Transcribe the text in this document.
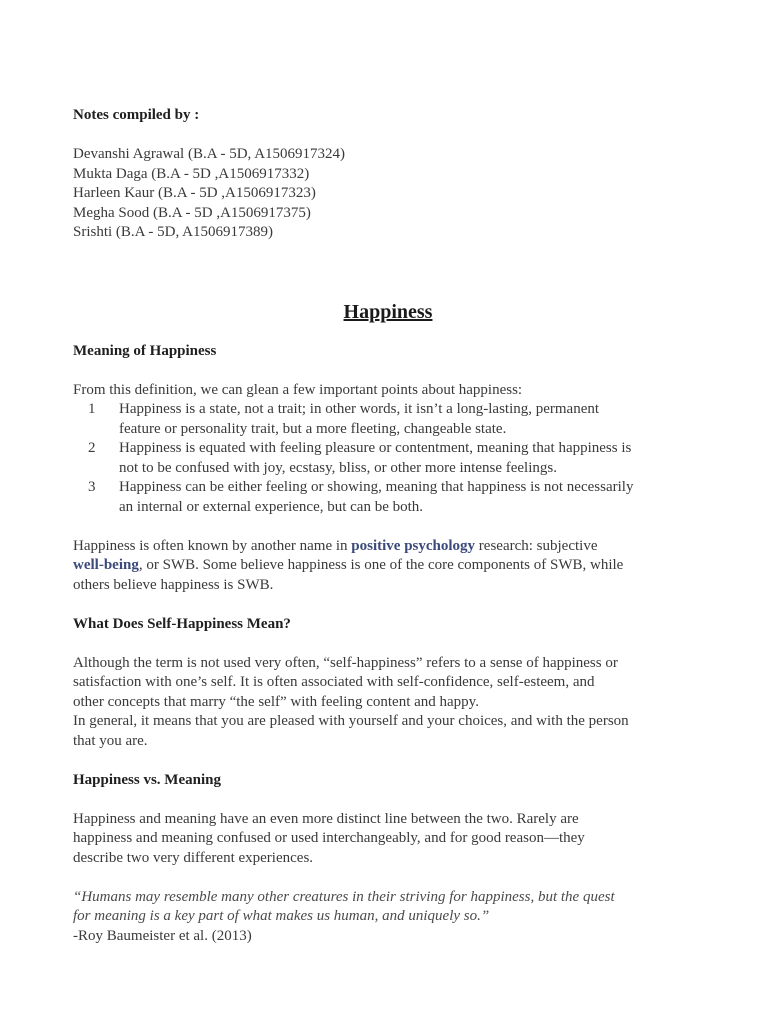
Notes compiled by :
Devanshi Agrawal (B.A - 5D, A1506917324)
Mukta Daga (B.A - 5D ,A1506917332)
Harleen Kaur (B.A - 5D ,A1506917323)
Megha Sood (B.A - 5D ,A1506917375)
Srishti (B.A - 5D, A1506917389)
Happiness
Meaning of Happiness
From this definition, we can glean a few important points about happiness:
1 Happiness is a state, not a trait; in other words, it isn’t a long-lasting, permanent
feature or personality trait, but a more fleeting, changeable state.
2 Happiness is equated with feeling pleasure or contentment, meaning that happiness is
not to be confused with joy, ecstasy, bliss, or other more intense feelings.
3 Happiness can be either feeling or showing, meaning that happiness is not necessarily
an internal or external experience, but can be both.
Happiness is often known by another name in positive psychology research: subjective
well-being, or SWB. Some believe happiness is one of the core components of SWB, while
others believe happiness is SWB.
What Does Self-Happiness Mean?
Although the term is not used very often, “self-happiness” refers to a sense of happiness or
satisfaction with one’s self. It is often associated with self-confidence, self-esteem, and
other concepts that marry “the self” with feeling content and happy.
In general, it means that you are pleased with yourself and your choices, and with the person
that you are.
Happiness vs. Meaning
Happiness and meaning have an even more distinct line between the two. Rarely are
happiness and meaning confused or used interchangeably, and for good reason—they
describe two very different experiences.
“Humans may resemble many other creatures in their striving for happiness, but the quest
for meaning is a key part of what makes us human, and uniquely so.”
-Roy Baumeister et al. (2013)
